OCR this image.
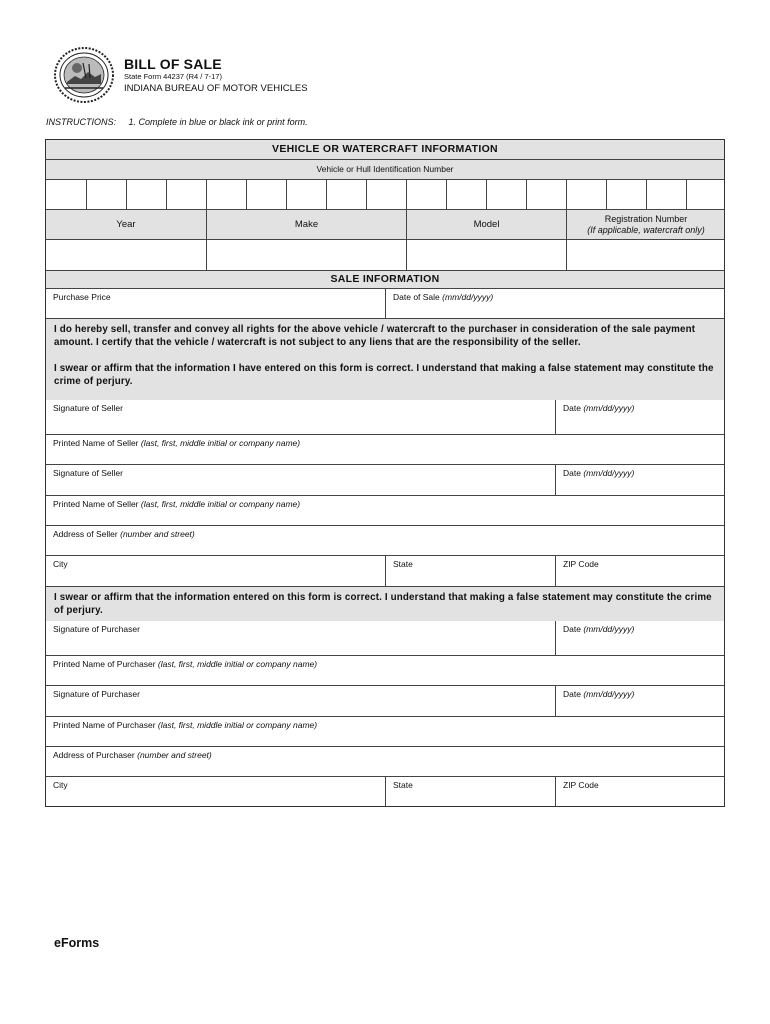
BILL OF SALE
State Form 44237 (R4 / 7-17)
INDIANA BUREAU OF MOTOR VEHICLES
INSTRUCTIONS: 1. Complete in blue or black ink or print form.
VEHICLE OR WATERCRAFT INFORMATION
Vehicle or Hull Identification Number
Year	Make	Model	Registration Number
(If applicable, watercraft only)
SALE INFORMATION
Purchase Price	Date of Sale (mm/dd/yyyy)

I do hereby sell, transfer and convey all rights for the above vehicle / watercraft to the purchaser in consideration of the sale payment amount. I certify that the vehicle / watercraft is not subject to any liens that are the responsibility of the seller.

I swear or affirm that the information I have entered on this form is correct. I understand that making a false statement may constitute the crime of perjury.

Signature of Seller	Date (mm/dd/yyyy)
Printed Name of Seller (last, first, middle initial or company name)
Signature of Seller	Date (mm/dd/yyyy)
Printed Name of Seller (last, first, middle initial or company name)
Address of Seller (number and street)
City	State	ZIP Code

I swear or affirm that the information entered on this form is correct. I understand that making a false statement may constitute the crime of perjury.

Signature of Purchaser	Date (mm/dd/yyyy)
Printed Name of Purchaser (last, first, middle initial or company name)
Signature of Purchaser	Date (mm/dd/yyyy)
Printed Name of Purchaser (last, first, middle initial or company name)
Address of Purchaser (number and street)
City	State	ZIP Code
eForms
